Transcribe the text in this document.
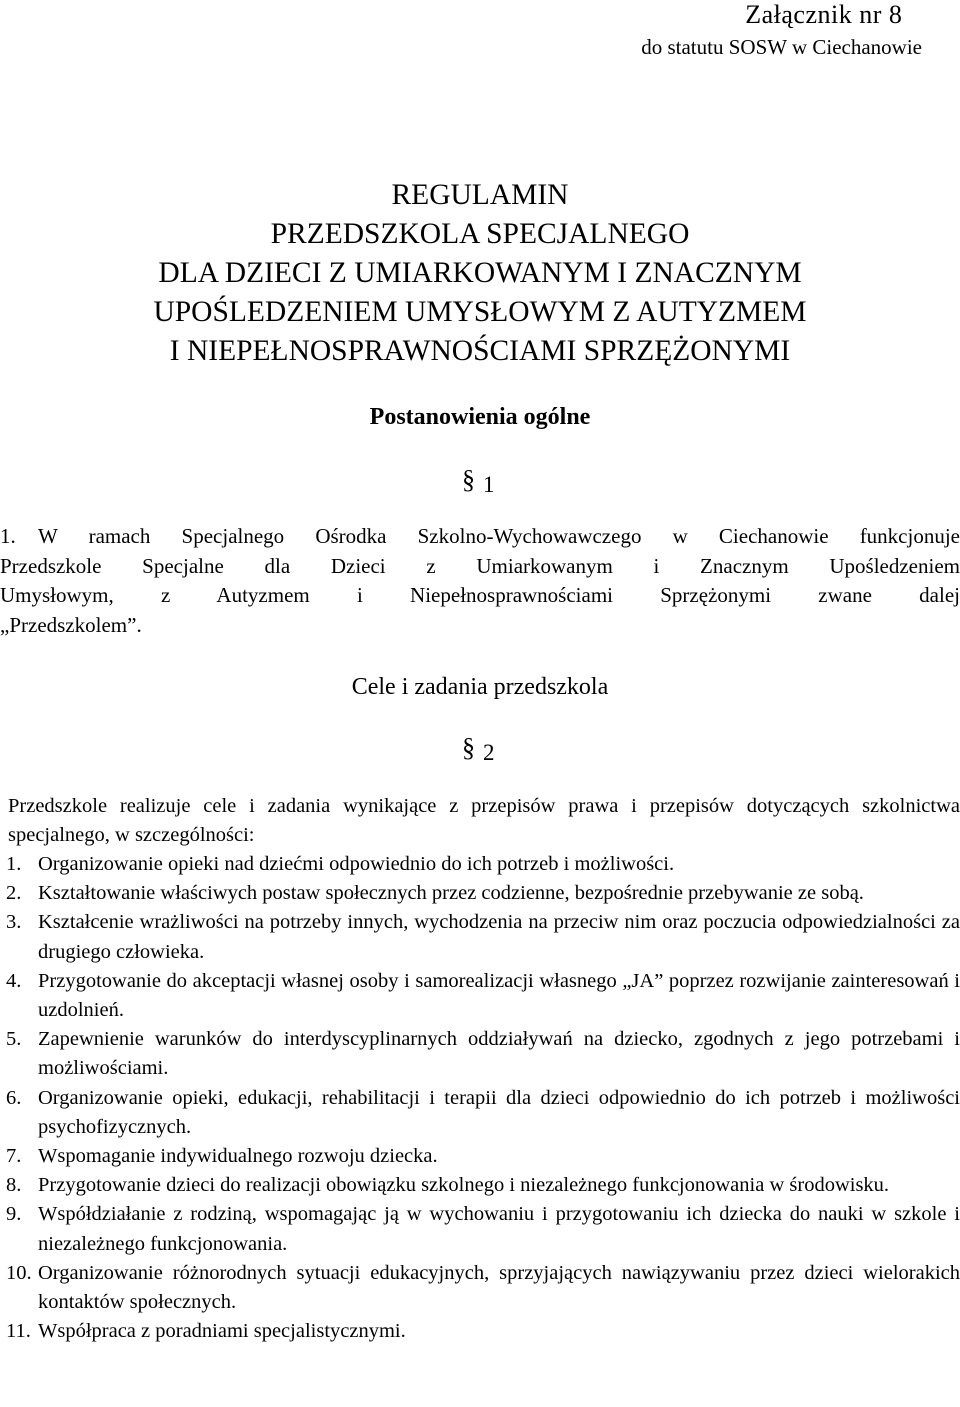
Załącznik nr 8
do statutu SOSW w Ciechanowie
REGULAMIN
PRZEDSZKOLA SPECJALNEGO
DLA DZIECI Z UMIARKOWANYM I ZNACZNYM
UPOŚLEDZENIEM UMYSŁOWYM Z AUTYZMEM
I NIEPEŁNOSPRAWNOŚCIAMI SPRZĘŻONYMI
Postanowienia ogólne
§ 1
1.	W ramach Specjalnego Ośrodka Szkolno-Wychowawczego w Ciechanowie funkcjonuje
Przedszkole Specjalne dla Dzieci z Umiarkowanym i Znacznym Upośledzeniem
Umysłowym, z Autyzmem i Niepełnosprawnościami Sprzężonymi zwane dalej
„Przedszkolem”.
Cele i zadania przedszkola
§ 2
Przedszkole realizuje cele i zadania wynikające z przepisów prawa i przepisów dotyczących szkolnictwa specjalnego, w szczególności:
1. Organizowanie opieki nad dziećmi odpowiednio do ich potrzeb i możliwości.
2. Kształtowanie właściwych postaw społecznych przez codzienne, bezpośrednie przebywanie ze sobą.
3. Kształcenie wrażliwości na potrzeby innych, wychodzenia na przeciw nim oraz poczucia odpowiedzialności za drugiego człowieka.
4. Przygotowanie do akceptacji własnej osoby i samorealizacji własnego „JA” poprzez rozwijanie zainteresowań i uzdolnień.
5. Zapewnienie warunków do interdyscyplinarnych oddziaływań na dziecko, zgodnych z jego potrzebami i możliwościami.
6. Organizowanie opieki, edukacji, rehabilitacji i terapii dla dzieci odpowiednio do ich potrzeb i możliwości psychofizycznych.
7. Wspomaganie indywidualnego rozwoju dziecka.
8. Przygotowanie dzieci do realizacji obowiązku szkolnego i niezależnego funkcjonowania w środowisku.
9. Współdziałanie z rodziną, wspomagając ją w wychowaniu i przygotowaniu ich dziecka do nauki w szkole i niezależnego funkcjonowania.
10. Organizowanie różnorodnych sytuacji edukacyjnych, sprzyjających nawiązywaniu przez dzieci wielorakich kontaktów społecznych.
11. Współpraca z poradniami specjalistycznymi.
